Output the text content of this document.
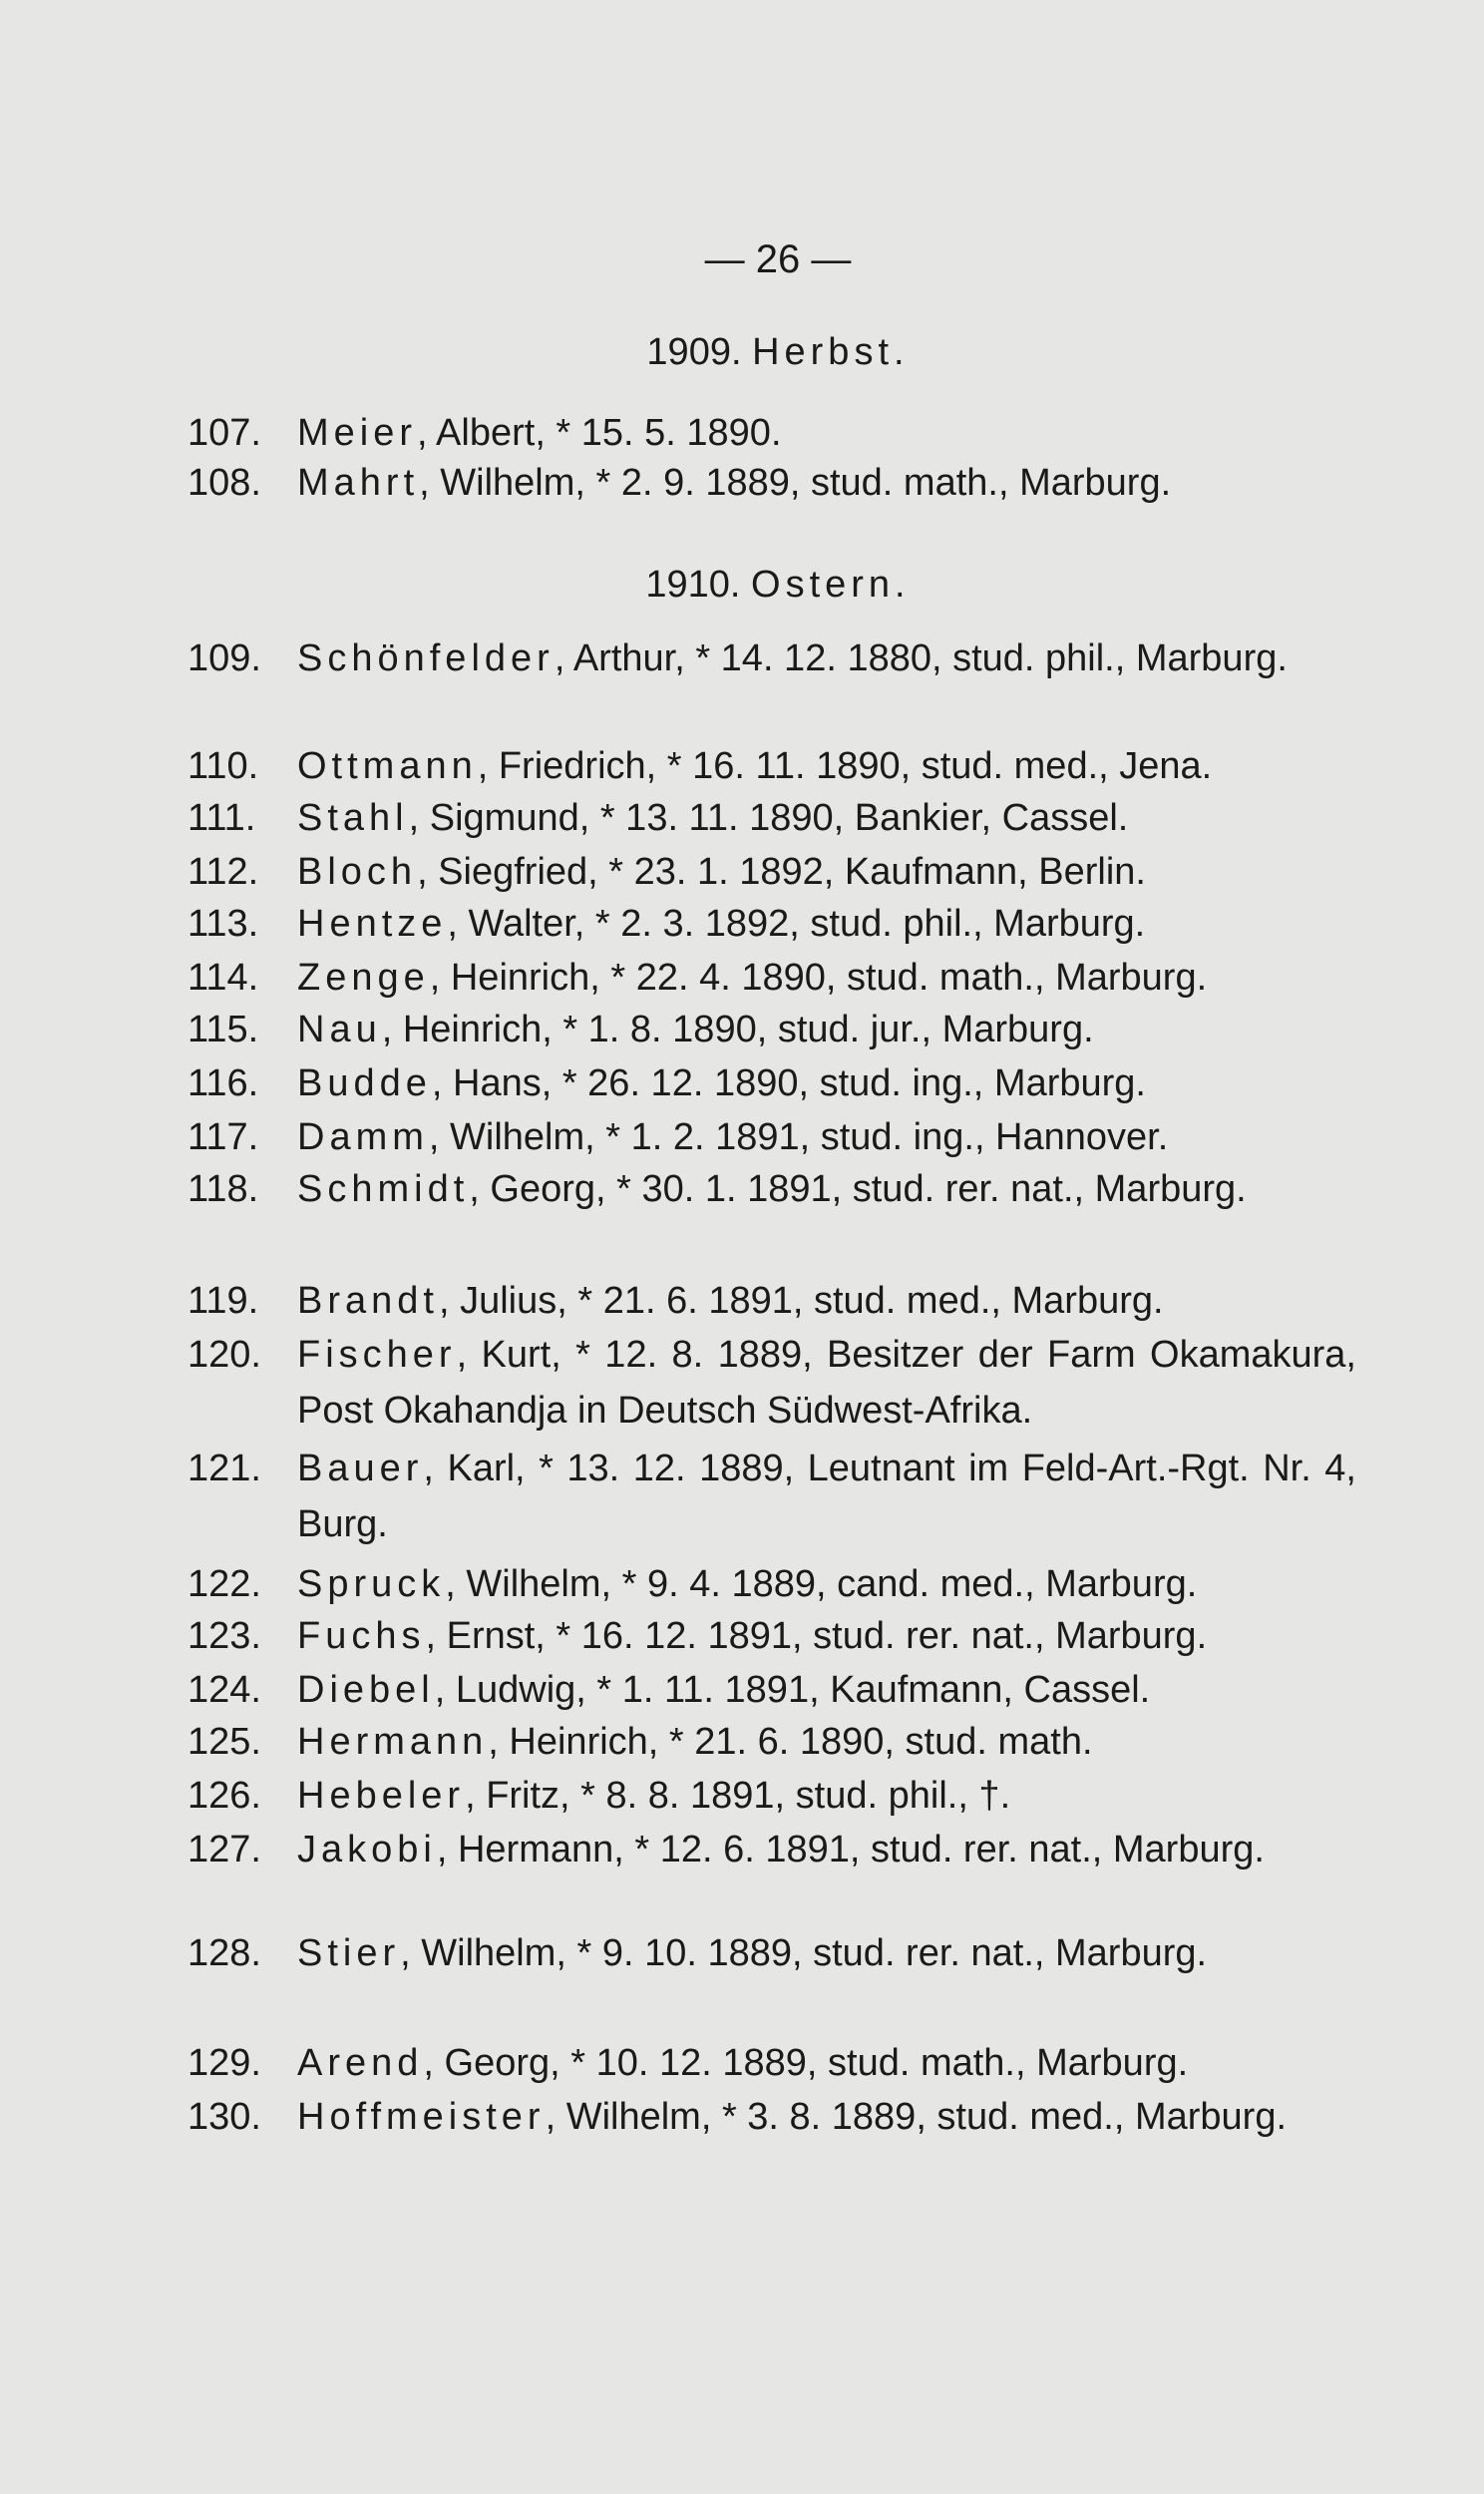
— 26 —
1909. Herbst.
107. Meier, Albert, * 15. 5. 1890.
108. Mahrt, Wilhelm, * 2. 9. 1889, stud. math., Marburg.
1910. Ostern.
109. Schönfelder, Arthur, * 14. 12. 1880, stud. phil., Marburg.
110.	Ottmann, Friedrich, * 16. 11. 1890, stud. med., Jena.
111.	Stahl, Sigmund, * 13. 11. 1890, Bankier, Cassel.
112.	Bloch, Siegfried, * 23. 1. 1892, Kaufmann, Berlin.
113.	Hentze, Walter, * 2. 3. 1892, stud. phil., Marburg.
114.	Zenge, Heinrich, * 22. 4. 1890, stud. math., Marburg.
115.	Nau, Heinrich, * 1. 8. 1890, stud. jur., Marburg.
116.	Budde, Hans, * 26. 12. 1890, stud. ing., Marburg.
117.	Damm, Wilhelm, * 1. 2. 1891, stud. ing., Hannover.
118.	Schmidt, Georg, * 30. 1. 1891, stud. rer. nat., Marburg.
119.	Brandt, Julius, * 21. 6. 1891, stud. med., Marburg.
120. Fischer, Kurt, * 12. 8. 1889, Besitzer der Farm Okamakura, Post Okahandja in Deutsch Südwest-Afrika.
121. Bauer, Karl, * 13. 12. 1889, Leutnant im Feld-Art.-Rgt. Nr. 4, Burg.
122. Spruck, Wilhelm, * 9. 4. 1889, cand. med., Marburg.
123. Fuchs, Ernst, * 16. 12. 1891, stud. rer. nat., Marburg.
124. Diebel, Ludwig, * 1. 11. 1891, Kaufmann, Cassel.
125. Hermann, Heinrich, * 21. 6. 1890, stud. math.
126. Hebeler, Fritz, * 8. 8. 1891, stud. phil., †.
127. Jakobi, Hermann, * 12. 6. 1891, stud. rer. nat., Marburg.
128. Stier, Wilhelm, * 9. 10. 1889, stud. rer. nat., Marburg.
129. Arend, Georg, * 10. 12. 1889, stud. math., Marburg.
130. Hoffmeister, Wilhelm, * 3. 8. 1889, stud. med., Marburg.
